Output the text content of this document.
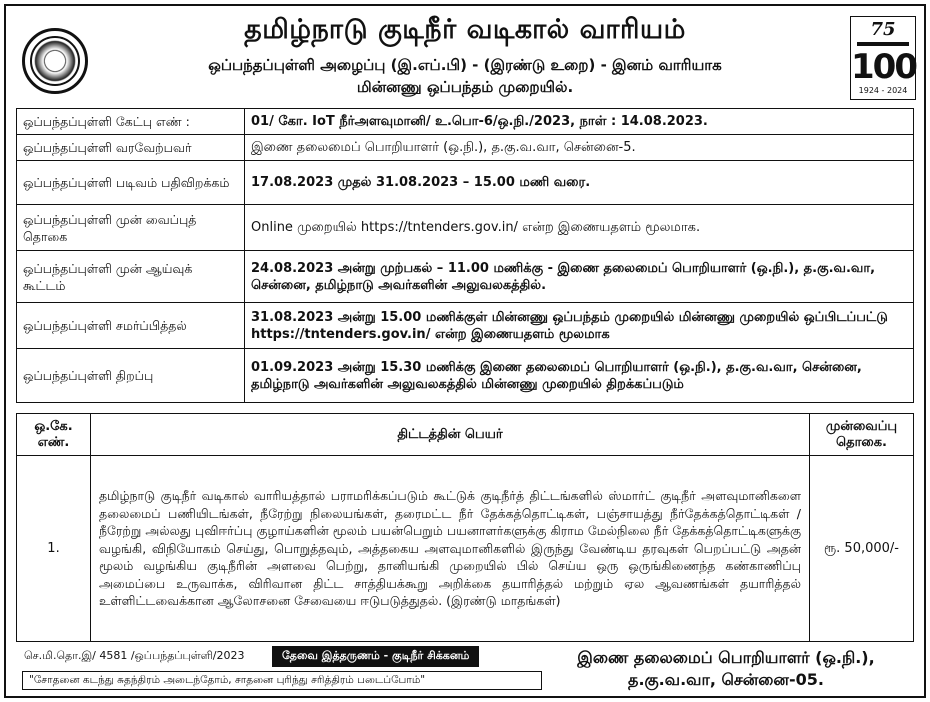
தமிழ்நாடு குடிநீர் வடிகால் வாரியம்
ஒப்பந்தப்புள்ளி அழைப்பு (இ.எப்.பி) - (இரண்டு உறை) - இனம் வாரியாக
மின்னணு ஒப்பந்தம் முறையில்.
75
100
1924 - 2024
ஒப்பந்தப்புள்ளி கேட்பு எண் :	01/ கோ. IoT நீர்அளவுமானி/ உ.பொ-6/ஒ.நி./2023, நாள் : 14.08.2023.
ஒப்பந்தப்புள்ளி வரவேற்பவர்	இணை தலைமைப் பொறியாளர் (ஒ.நி.), த.கு.வ.வா, சென்னை-5.
ஒப்பந்தப்புள்ளி படிவம் பதிவிறக்கம்	17.08.2023 முதல் 31.08.2023 – 15.00 மணி வரை.
ஒப்பந்தப்புள்ளி முன் வைப்புத் தொகை	Online முறையில் https://tntenders.gov.in/ என்ற இணையதளம் மூலமாக.
ஒப்பந்தப்புள்ளி முன் ஆய்வுக் கூட்டம்	24.08.2023 அன்று முற்பகல் – 11.00 மணிக்கு - இணை தலைமைப் பொறியாளர் (ஒ.நி.), த.கு.வ.வா, சென்னை, தமிழ்நாடு அவர்களின் அலுவலகத்தில்.
ஒப்பந்தப்புள்ளி சமர்ப்பித்தல்	31.08.2023 அன்று 15.00 மணிக்குள் மின்னணு ஒப்பந்தம் முறையில் மின்னணு முறையில் ஒப்பிடப்பட்டு https://tntenders.gov.in/ என்ற இணையதளம் மூலமாக
ஒப்பந்தப்புள்ளி திறப்பு	01.09.2023 அன்று 15.30 மணிக்கு இணை தலைமைப் பொறியாளர் (ஒ.நி.), த.கு.வ.வா, சென்னை, தமிழ்நாடு அவர்களின் அலுவலகத்தில் மின்னணு முறையில் திறக்கப்படும்
ஒ.கே. எண்.	திட்டத்தின் பெயர்	முன்வைப்பு தொகை.
1.	தமிழ்நாடு குடிநீர் வடிகால் வாரியத்தால் பராமரிக்கப்படும் கூட்டுக் குடிநீர்த் திட்டங்களில் ஸ்மார்ட் குடிநீர் அளவுமானிகளை தலைமைப் பணியிடங்கள், நீரேற்று நிலையங்கள், தரைமட்ட நீர் தேக்கத்தொட்டிகள், பஞ்சாயத்து நீர்தேக்கத்தொட்டிகள் / நீரேற்று அல்லது புவிஈர்ப்பு குழாய்களின் மூலம் பயன்பெறும் பயனாளர்களுக்கு கிராம மேல்நிலை நீர் தேக்கத்தொட்டிகளுக்கு வழங்கி, விநியோகம் செய்து, பொறுத்தவும், அத்தகைய அளவுமானிகளில் இருந்து வேண்டிய தரவுகள் பெறப்பட்டு அதன் மூலம் வழங்கிய குடிநீரின் அளவை பெற்று, தானியங்கி முறையில் பில் செய்ய ஒரு ஒருங்கிணைந்த கண்காணிப்பு அமைப்பை உருவாக்க, விரிவான திட்ட சாத்தியக்கூறு அறிக்கை தயாரித்தல் மற்றும் ஏல ஆவணங்கள் தயாரித்தல் உள்ளிட்டவைக்கான ஆலோசனை சேவையை ஈடுபடுத்துதல். (இரண்டு மாதங்கள்)	ரூ. 50,000/-
செ.மி.தொ.இ/ 4581 /ஒப்பந்தப்புள்ளி/2023	தேவை இத்தருணம் - குடிநீர் சிக்கனம்
"சோதனை கடந்து சுதந்திரம் அடைந்தோம், சாதனை புரிந்து சரித்திரம் படைப்போம்"
இணை தலைமைப் பொறியாளர் (ஒ.நி.),
த.கு.வ.வா, சென்னை-05.
